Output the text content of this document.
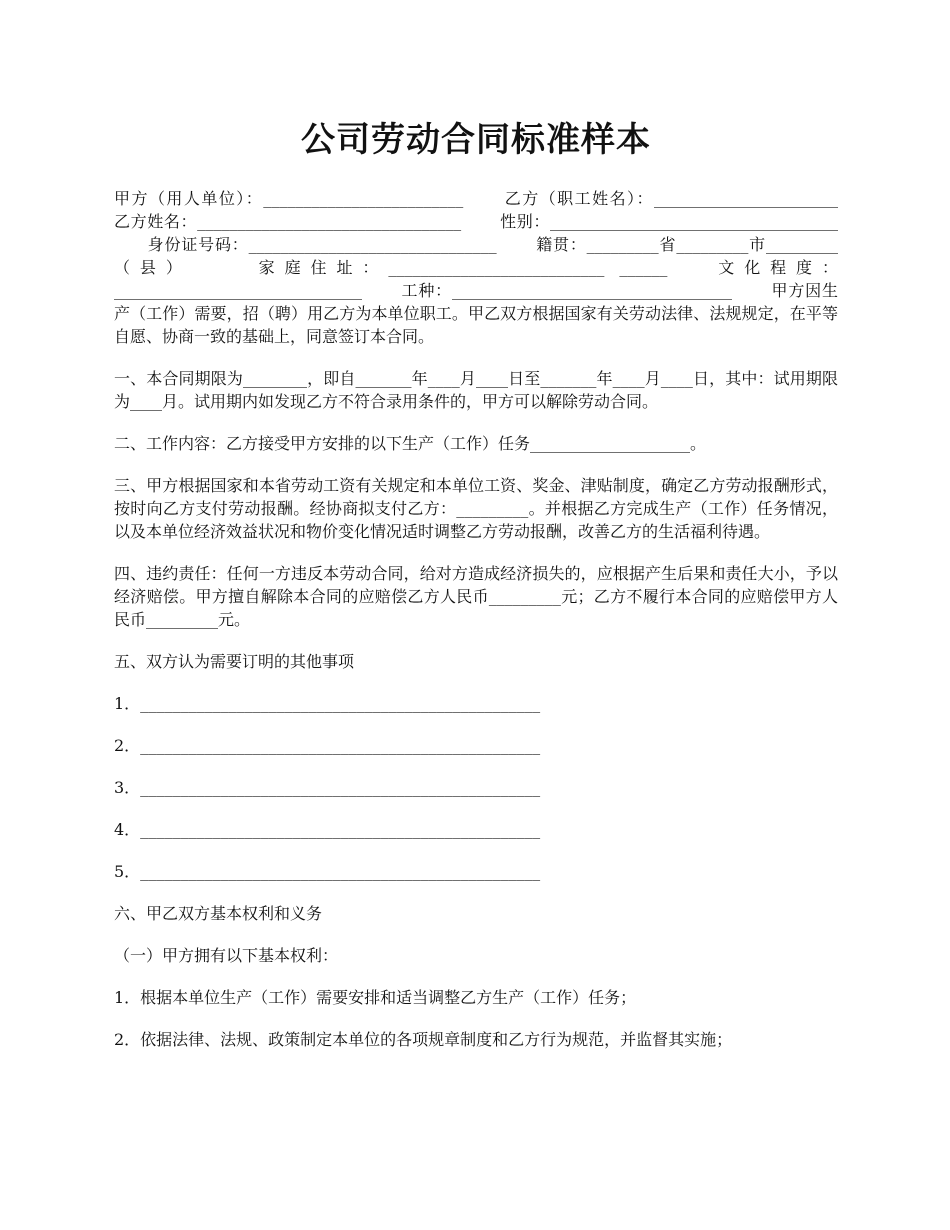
公司劳动合同标准样本

甲方（用人单位）：_________________________ 　　乙方（职工姓名）：_______________________　 乙方姓名：_________________________________ 　　性别：____________________________________ 　　身份证号码：_______________________________ 　　籍贯：_________省_________市_________（县） 　　家庭住址：___________________________ ______　 文化程度：_______________________________ 　　工种：___________________________________ 　　甲方因生产（工作）需要，招（聘）用乙方为本单位职工。甲乙双方根据国家有关劳动法律、法规规定，在平等自愿、协商一致的基础上，同意签订本合同。

一、本合同期限为________，即自_______年____月____日至_______年____月____日，其中：试用期限为____月。试用期内如发现乙方不符合录用条件的，甲方可以解除劳动合同。

二、工作内容：乙方接受甲方安排的以下生产（工作）任务____________________。

三、甲方根据国家和本省劳动工资有关规定和本单位工资、奖金、津贴制度，确定乙方劳动报酬形式，按时向乙方支付劳动报酬。经协商拟支付乙方：_________。并根据乙方完成生产（工作）任务情况，以及本单位经济效益状况和物价变化情况适时调整乙方劳动报酬，改善乙方的生活福利待遇。

四、违约责任：任何一方违反本劳动合同，给对方造成经济损失的，应根据产生后果和责任大小，予以经济赔偿。甲方擅自解除本合同的应赔偿乙方人民币_________元；乙方不履行本合同的应赔偿甲方人民币_________元。

五、双方认为需要订明的其他事项

1．__________________________________________________
2．__________________________________________________
3．__________________________________________________
4．__________________________________________________
5．__________________________________________________

六、甲乙双方基本权利和义务

（一）甲方拥有以下基本权利：

1．根据本单位生产（工作）需要安排和适当调整乙方生产（工作）任务；

2．依据法律、法规、政策制定本单位的各项规章制度和乙方行为规范，并监督其实施；
